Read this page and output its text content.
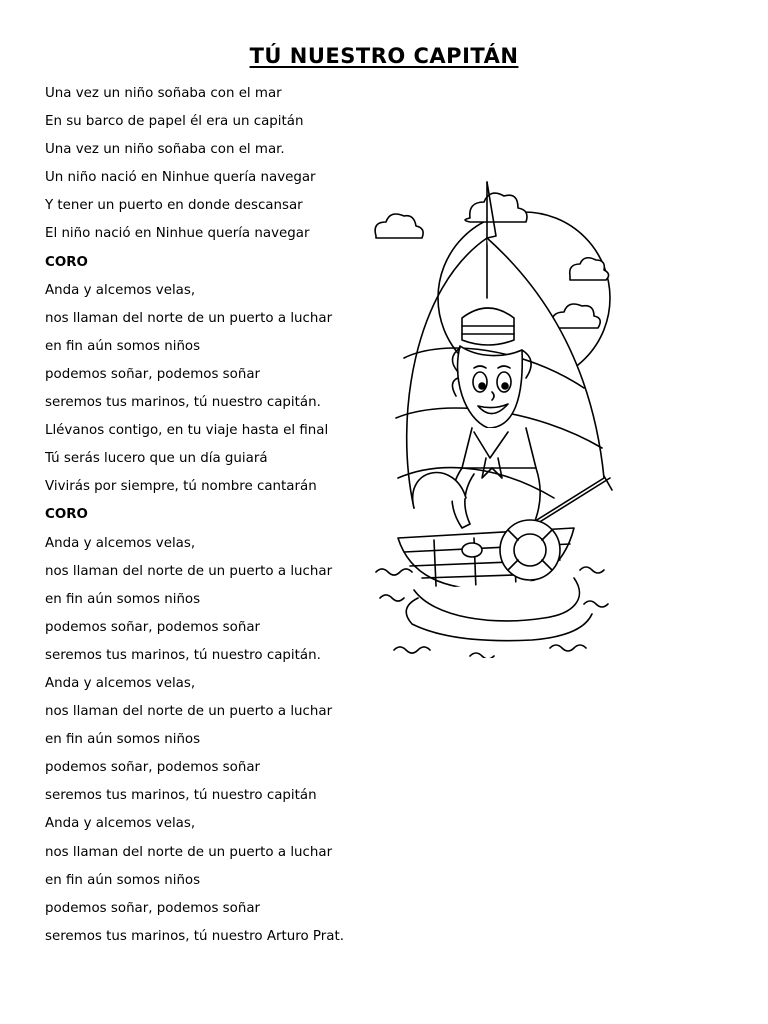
TÚ NUESTRO CAPITÁN
Una vez un niño soñaba con el mar
En su barco de papel él era un capitán
Una vez un niño soñaba con el mar.
Un niño nació en Ninhue quería navegar
Y tener un puerto en donde descansar
El niño nació en Ninhue quería navegar
CORO
Anda y alcemos velas,
nos llaman del norte de un puerto a luchar
en fin aún somos niños
podemos soñar, podemos soñar
seremos tus marinos, tú nuestro capitán.
Llévanos contigo, en tu viaje hasta el final
Tú serás lucero que un día guiará
Vivirás por siempre, tú nombre cantarán
CORO
Anda y alcemos velas,
nos llaman del norte de un puerto a luchar
en fin aún somos niños
podemos soñar, podemos soñar
seremos tus marinos, tú nuestro capitán.
Anda y alcemos velas,
nos llaman del norte de un puerto a luchar
en fin aún somos niños
podemos soñar, podemos soñar
seremos tus marinos, tú nuestro capitán
Anda y alcemos velas,
nos llaman del norte de un puerto a luchar
en fin aún somos niños
podemos soñar, podemos soñar
seremos tus marinos, tú nuestro Arturo Prat.
